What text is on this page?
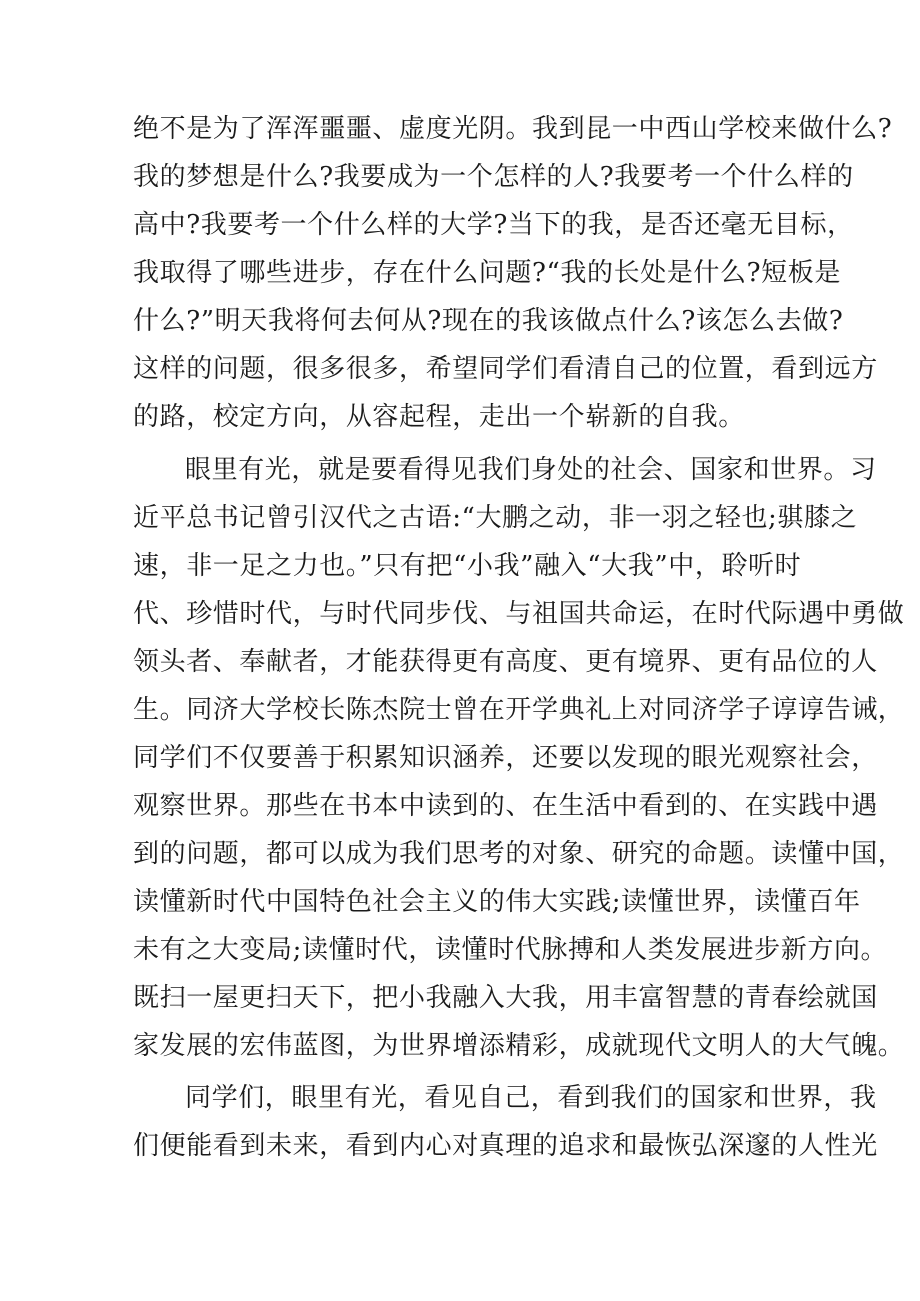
绝不是为了浑浑噩噩、虚度光阴。我到昆一中西山学校来做什么?
我的梦想是什么?我要成为一个怎样的人?我要考一个什么样的
高中?我要考一个什么样的大学?当下的我，是否还毫无目标，
我取得了哪些进步，存在什么问题?“我的长处是什么?短板是
什么?”明天我将何去何从?现在的我该做点什么?该怎么去做?
这样的问题，很多很多，希望同学们看清自己的位置，看到远方
的路，校定方向，从容起程，走出一个崭新的自我。
眼里有光，就是要看得见我们身处的社会、国家和世界。习
近平总书记曾引汉代之古语:“大鹏之动，非一羽之轻也;骐膝之
速，非一足之力也。”只有把“小我”融入“大我”中，聆听时
代、珍惜时代，与时代同步伐、与祖国共命运，在时代际遇中勇做
领头者、奉献者，才能获得更有高度、更有境界、更有品位的人
生。同济大学校长陈杰院士曾在开学典礼上对同济学子谆谆告诫，
同学们不仅要善于积累知识涵养，还要以发现的眼光观察社会，
观察世界。那些在书本中读到的、在生活中看到的、在实践中遇
到的问题，都可以成为我们思考的对象、研究的命题。读懂中国，
读懂新时代中国特色社会主义的伟大实践;读懂世界，读懂百年
未有之大变局;读懂时代，读懂时代脉搏和人类发展进步新方向。
既扫一屋更扫天下，把小我融入大我，用丰富智慧的青春绘就国
家发展的宏伟蓝图，为世界增添精彩，成就现代文明人的大气魄。
同学们，眼里有光，看见自己，看到我们的国家和世界，我
们便能看到未来，看到内心对真理的追求和最恢弘深邃的人性光
